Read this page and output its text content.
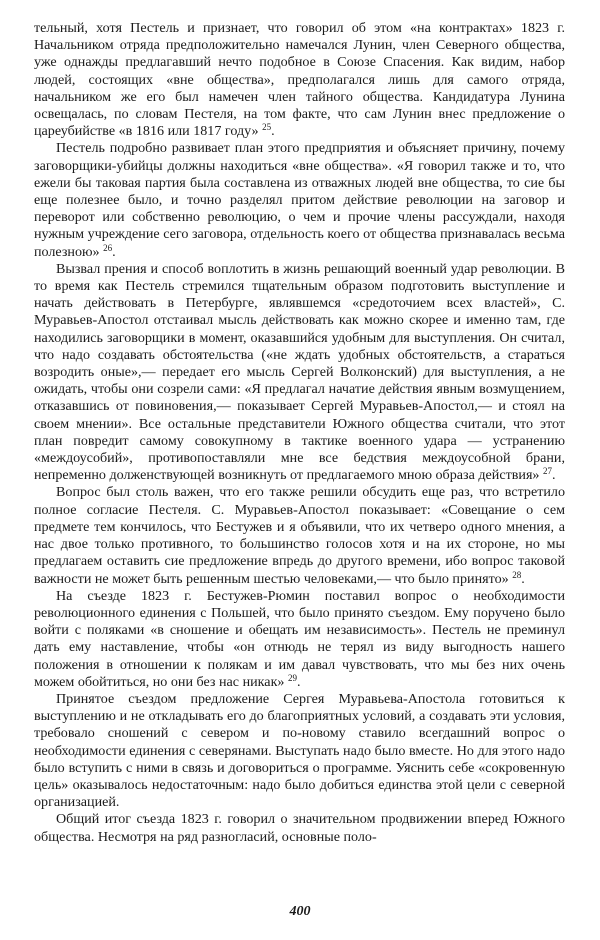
тельный, хотя Пестель и признает, что говорил об этом «на контрактах» 1823 г. Начальником отряда предположительно намечался Лунин, член Северного общества, уже однажды предлагавший нечто подобное в Союзе Спасения. Как видим, набор людей, состоящих «вне общества», предполагался лишь для самого отряда, начальником же его был намечен член тайного общества. Кандидатура Лунина освещалась, по словам Пестеля, на том факте, что сам Лунин внес предложение о цареубийстве «в 1816 или 1817 году» $^{25}$.

Пестель подробно развивает план этого предприятия и объясняет причину, почему заговорщики-убийцы должны находиться «вне общества». «Я говорил также и то, что ежели бы таковая партия была составлена из отважных людей вне общества, то сие бы еще полезнее было, и точно разделял притом действие революции на заговор и переворот или собственно революцию, о чем и прочие члены рассуждали, находя нужным учреждение сего заговора, отдельность коего от общества признавалась весьма полезною» $^{26}$.

Вызвал прения и способ воплотить в жизнь решающий военный удар революции. В то время как Пестель стремился тщательным образом подготовить выступление и начать действовать в Петербурге, являвшемся «средоточием всех властей», С. Муравьев-Апостол отстаивал мысль действовать как можно скорее и именно там, где находились заговорщики в момент, оказавшийся удобным для выступления. Он считал, что надо создавать обстоятельства («не ждать удобных обстоятельств, а стараться возродить оные»,— передает его мысль Сергей Волконский) для выступления, а не ожидать, чтобы они созрели сами: «Я предлагал начатие действия явным возмущением, отказавшись от повиновения,— показывает Сергей Муравьев-Апостол,— и стоял на своем мнении». Все остальные представители Южного общества считали, что этот план повредит самому совокупному в тактике военного удара — устранению «междоусобий», противопоставляли мне все бедствия междоусобной брани, непременно долженствующей возникнуть от предлагаемого мною образа действия» $^{27}$.

Вопрос был столь важен, что его также решили обсудить еще раз, что встретило полное согласие Пестеля. С. Муравьев-Апостол показывает: «Совещание о сем предмете тем кончилось, что Бестужев и я объявили, что их четверо одного мнения, а нас двое только противного, то большинство голосов хотя и на их стороне, но мы предлагаем оставить сие предложение впредь до другого времени, ибо вопрос таковой важности не может быть решенным шестью человеками,— что было принято» $^{28}$.

На съезде 1823 г. Бестужев-Рюмин поставил вопрос о необходимости революционного единения с Польшей, что было принято съездом. Ему поручено было войти с поляками «в сношение и обещать им независимость». Пестель не преминул дать ему наставление, чтобы «он отнюдь не терял из виду выгодность нашего положения в отношении к полякам и им давал чувствовать, что мы без них очень можем обойтиться, но они без нас никак» $^{29}$.

Принятое съездом предложение Сергея Муравьева-Апостола готовиться к выступлению и не откладывать его до благоприятных условий, а создавать эти условия, требовало сношений с севером и по-новому ставило всегдашний вопрос о необходимости единения с северянами. Выступать надо было вместе. Но для этого надо было вступить с ними в связь и договориться о программе. Уяснить себе «сокровенную цель» оказывалось недостаточным: надо было добиться единства этой цели с северной организацией.

Общий итог съезда 1823 г. говорил о значительном продвижении вперед Южного общества. Несмотря на ряд разногласий, основные поло-

400
